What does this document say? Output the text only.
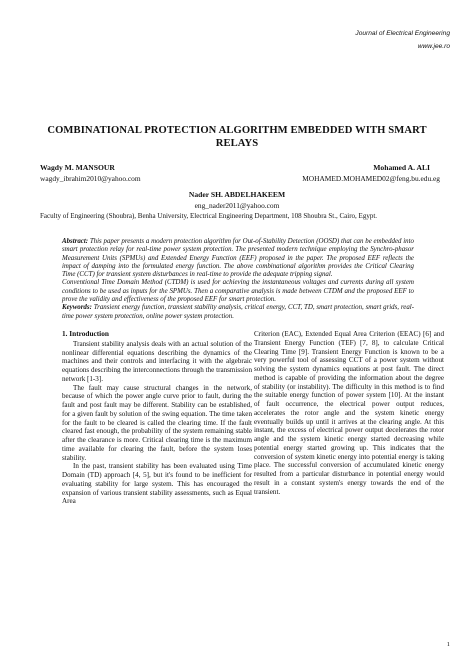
Journal of Electrical Engineering
www.jee.ro
COMBINATIONAL PROTECTION ALGORITHM EMBEDDED WITH SMART RELAYS
Wagdy M. MANSOUR
wagdy_ibrahim2010@yahoo.com
Mohamed A. ALI
MOHAMED.MOHAMED02@feng.bu.edu.eg
Nader SH. ABDELHAKEEM
eng_nader2011@yahoo.com
Faculty of Engineering (Shoubra), Benha University, Electrical Engineering Department, 108 Shoubra St., Cairo, Egypt.

Abstract: This paper presents a modern protection algorithm for Out-of-Stability Detection (OOSD) that can be embedded into smart protection relay for real-time power system protection. The presented modern technique employing the Synchro-phasor Measurement Units (SPMUs) and Extended Energy Function (EEF) proposed in the paper. The proposed EEF reflects the impact of damping into the formulated energy function. The above combinational algorithm provides the Critical Clearing Time (CCT) for transient system disturbances in real-time to provide the adequate tripping signal.

Conventional Time Domain Method (CTDM) is used for achieving the instantaneous voltages and currents during all system conditions to be used as inputs for the SPMUs. Then a comparative analysis is made between CTDM and the proposed EEF to prove the validity and effectiveness of the proposed EEF for smart protection.

Keywords: Transient energy function, transient stability analysis, critical energy, CCT, TD, smart protection, smart grids, real-time power system protection, online power system protection.

1. Introduction

Transient stability analysis deals with an actual solution of the nonlinear differential equations describing the dynamics of the machines and their controls and interfacing it with the algebraic equations describing the interconnections through the transmission network [1-3].

The fault may cause structural changes in the network, because of which the power angle curve prior to fault, during the fault and post fault may be different. Stability can be established, for a given fault by solution of the swing equation. The time taken for the fault to be cleared is called the clearing time. If the fault cleared fast enough, the probability of the system remaining stable after the clearance is more. Critical clearing time is the maximum time available for clearing the fault, before the system loses stability.

In the past, transient stability has been evaluated using Time Domain (TD) approach [4, 5], but it's found to be inefficient for evaluating stability for large system. This has encouraged the expansion of various transient stability assessments, such as Equal Area

Criterion (EAC), Extended Equal Area Criterion (EEAC) [6] and Transient Energy Function (TEF) [7, 8], to calculate Critical Clearing Time [9]. Transient Energy Function is known to be a very powerful tool of assessing CCT of a power system without solving the system dynamics equations at post fault. The direct method is capable of providing the information about the degree of stability (or instability). The difficulty in this method is to find the suitable energy function of power system [10]. At the instant of fault occurrence, the electrical power output reduces, accelerates the rotor angle and the system kinetic energy eventually builds up until it arrives at the clearing angle. At this instant, the excess of electrical power output decelerates the rotor angle and the system kinetic energy started decreasing while potential energy started growing up. This indicates that the conversion of system kinetic energy into potential energy is taking place. The successful conversion of accumulated kinetic energy resulted from a particular disturbance in potential energy would result in a constant system's energy towards the end of the transient.

1
